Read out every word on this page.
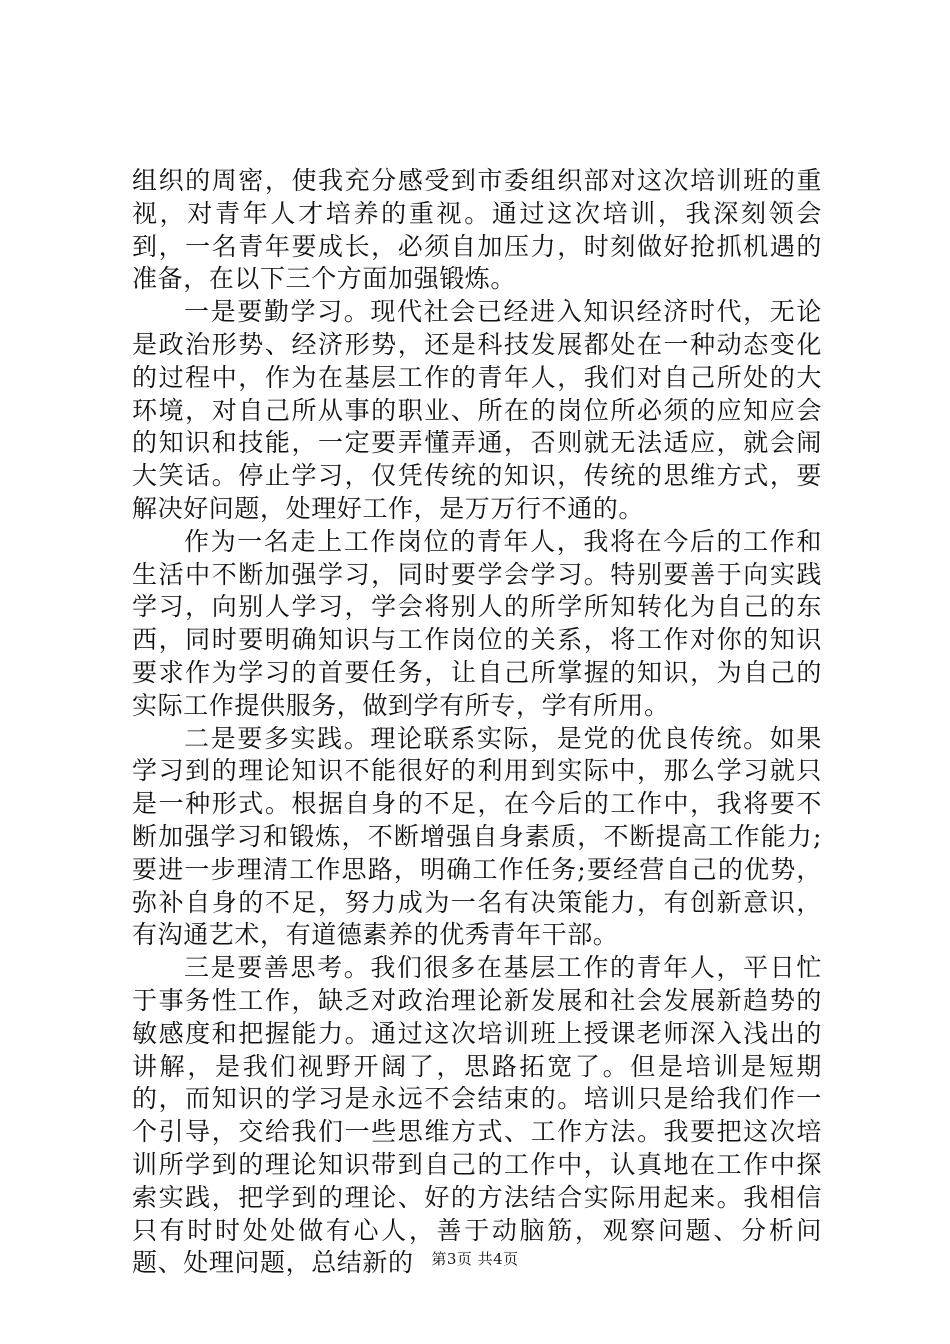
组织的周密，使我充分感受到市委组织部对这次培训班的重视，对青年人才培养的重视。通过这次培训，我深刻领会到，一名青年要成长，必须自加压力，时刻做好抢抓机遇的准备，在以下三个方面加强锻炼。

一是要勤学习。现代社会已经进入知识经济时代，无论是政治形势、经济形势，还是科技发展都处在一种动态变化的过程中，作为在基层工作的青年人，我们对自己所处的大环境，对自己所从事的职业、所在的岗位所必须的应知应会的知识和技能，一定要弄懂弄通，否则就无法适应，就会闹大笑话。停止学习，仅凭传统的知识，传统的思维方式，要解决好问题，处理好工作，是万万行不通的。

作为一名走上工作岗位的青年人，我将在今后的工作和生活中不断加强学习，同时要学会学习。特别要善于向实践学习，向别人学习，学会将别人的所学所知转化为自己的东西，同时要明确知识与工作岗位的关系，将工作对你的知识要求作为学习的首要任务，让自己所掌握的知识，为自己的实际工作提供服务，做到学有所专，学有所用。

二是要多实践。理论联系实际，是党的优良传统。如果学习到的理论知识不能很好的利用到实际中，那么学习就只是一种形式。根据自身的不足，在今后的工作中，我将要不断加强学习和锻炼，不断增强自身素质，不断提高工作能力;要进一步理清工作思路，明确工作任务;要经营自己的优势，弥补自身的不足，努力成为一名有决策能力，有创新意识，有沟通艺术，有道德素养的优秀青年干部。

三是要善思考。我们很多在基层工作的青年人，平日忙于事务性工作，缺乏对政治理论新发展和社会发展新趋势的敏感度和把握能力。通过这次培训班上授课老师深入浅出的讲解，是我们视野开阔了，思路拓宽了。但是培训是短期的，而知识的学习是永远不会结束的。培训只是给我们作一个引导，交给我们一些思维方式、工作方法。我要把这次培训所学到的理论知识带到自己的工作中，认真地在工作中探索实践，把学到的理论、好的方法结合实际用起来。我相信只有时时处处做有心人，善于动脑筋，观察问题、分析问题、处理问题，总结新的	第3页 共4页
